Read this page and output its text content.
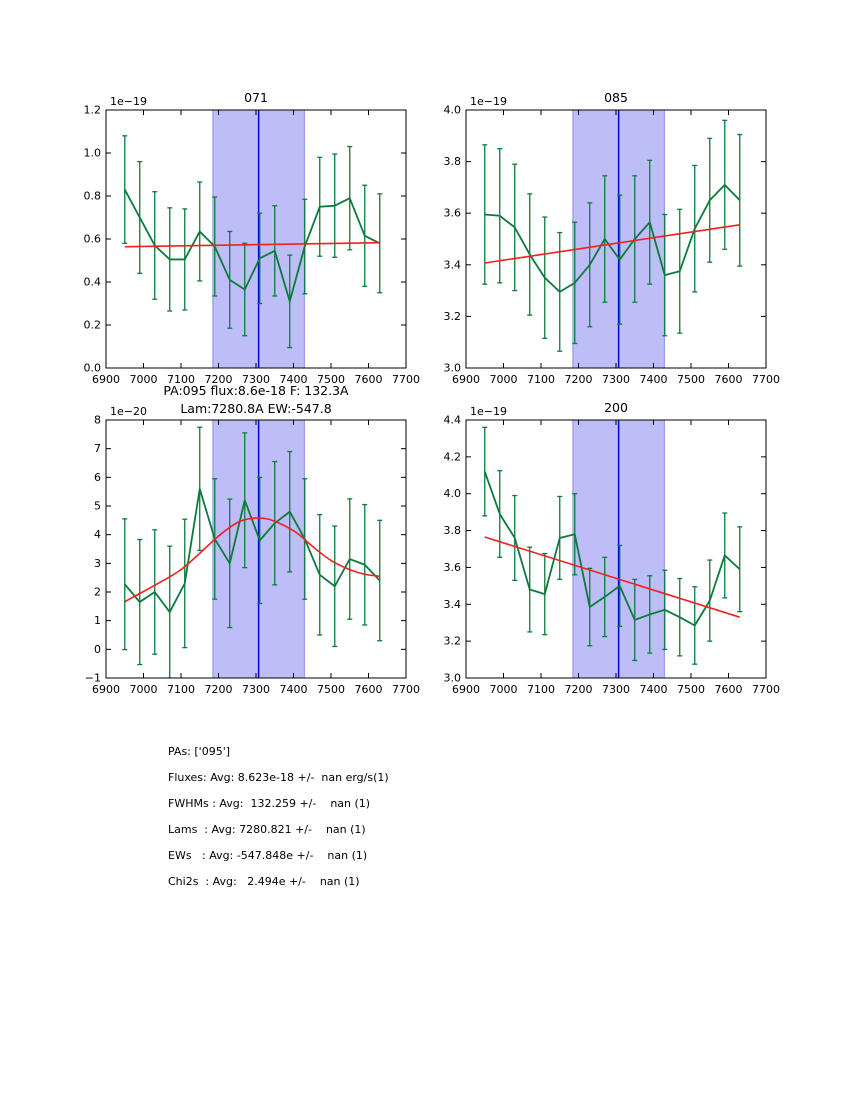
6900 7000 7100 7200 7300 7400 7500 7600 7700
0.0
0.2
0.4
0.6
0.8
1.0
1.2
1e−19	071
6900 7000 7100 7200 7300 7400 7500 7600 7700
3.0
3.2
3.4
3.6
3.8
4.0
1e−19	085
6900 7000 7100 7200 7300 7400 7500 7600 7700
−1
0
1
2
3
4
5
6
7
8
1e−20
PA:095 flux:8.6e-18 F: 132.3A
Lam:7280.8A EW:-547.8
6900 7000 7100 7200 7300 7400 7500 7600 7700
3.0
3.2
3.4
3.6
3.8
4.0
4.2
4.4
1e−19	200
PAs: ['095']
Fluxes: Avg: 8.623e-18 +/-  nan erg/s(1)
FWHMs : Avg:  132.259 +/-    nan (1)
Lams  : Avg: 7280.821 +/-    nan (1)
EWs   : Avg: -547.848e +/-    nan (1)
Chi2s  : Avg:   2.494e +/-    nan (1)
